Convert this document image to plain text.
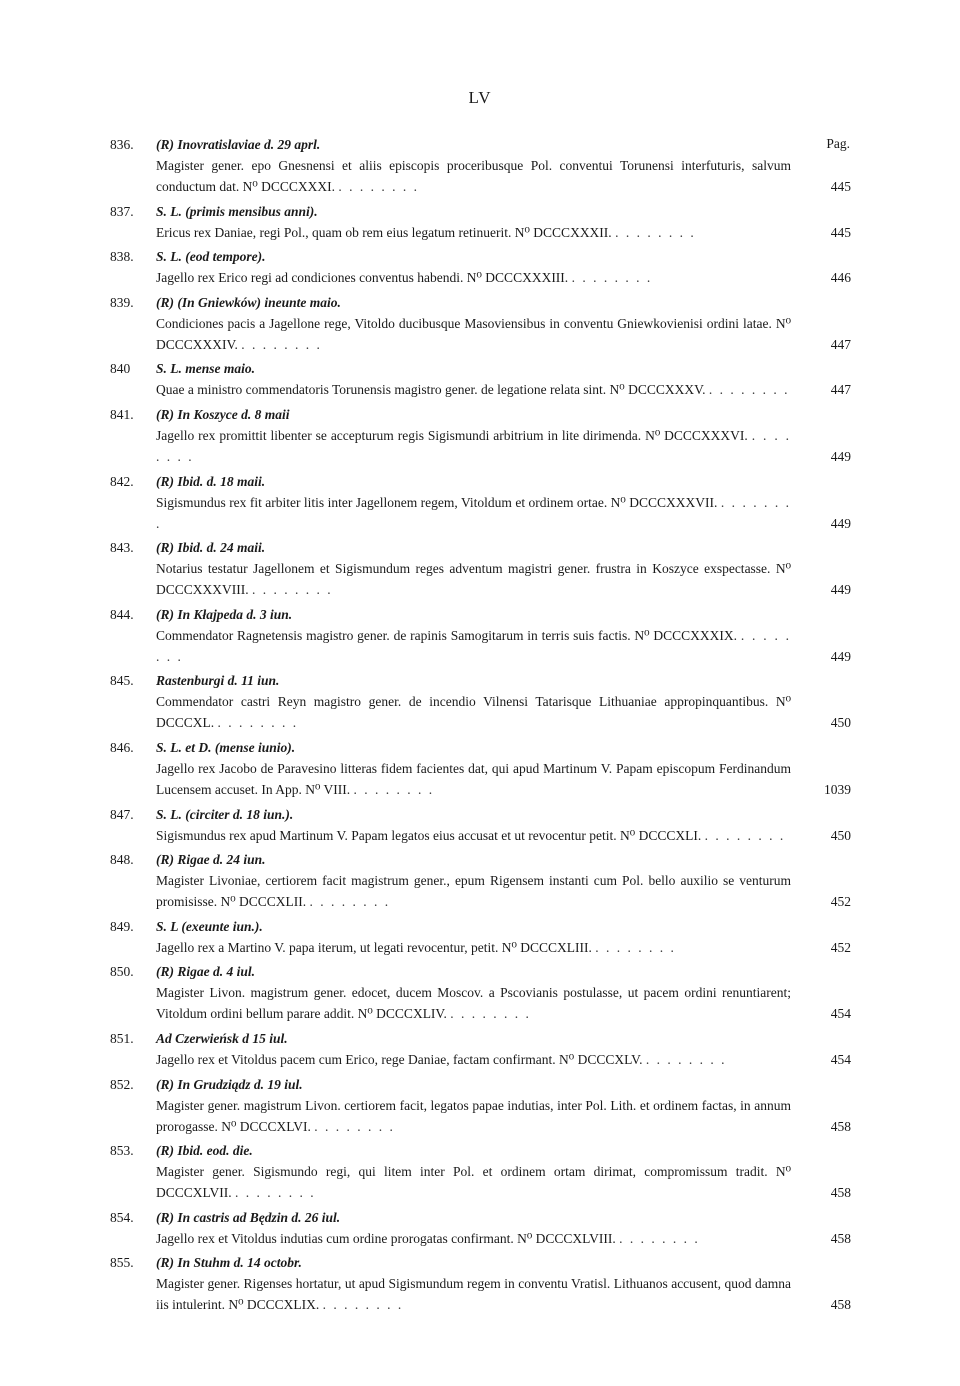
LV
Pag.
836.	(R) Inovratislaviae d. 29 aprl.
Magister gener. epo Gnesnensi et aliis episcopis proceribusque Pol. conventui Torunensi interfuturis, salvum conductum dat. N⁰ DCCCXXXI. . . . . . . . .	445
837.	S. L. (primis mensibus anni).
Ericus rex Daniae, regi Pol., quam ob rem eius legatum retinuerit. N⁰ DCCCXXXII. . . . . . . . .	445
838.	S. L. (eod tempore).
Jagello rex Erico regi ad condiciones conventus habendi. N⁰ DCCCXXXIII. . . . . . . . .	446
839.	(R) (In Gniewków) ineunte maio.
Condiciones pacis a Jagellone rege, Vitoldo ducibusque Masoviensibus in conventu Gniewkovienisi ordini latae. N⁰ DCCCXXXIV. . . . . . . . .	447
840	S. L. mense maio.
Quae a ministro commendatoris Torunensis magistro gener. de legatione relata sint. N⁰ DCCCXXXV. . . . . . . . .	447
841.	(R) In Koszyce d. 8 maii
Jagello rex promittit libenter se accepturum regis Sigismundi arbitrium in lite dirimenda. N⁰ DCCCXXXVI. . . . . . . . .	449
842.	(R) Ibid. d. 18 maii.
Sigismundus rex fit arbiter litis inter Jagellonem regem, Vitoldum et ordinem ortae. N⁰ DCCCXXXVII. . . . . . . . .	449
843.	(R) Ibid. d. 24 maii.
Notarius testatur Jagellonem et Sigismundum reges adventum magistri gener. frustra in Koszyce exspectasse. N⁰ DCCCXXXVIII. . . . . . . . .	449
844.	(R) In Kłajpeda d. 3 iun.
Commendator Ragnetensis magistro gener. de rapinis Samogitarum in terris suis factis. N⁰ DCCCXXXIX. . . . . . . . .	449
845.	Rastenburgi d. 11 iun.
Commendator castri Reyn magistro gener. de incendio Vilnensi Tatarisque Lithuaniae appropinquantibus. N⁰ DCCCXL. . . . . . . . .	450
846.	S. L. et D. (mense iunio).
Jagello rex Jacobo de Paravesino litteras fidem facientes dat, qui apud Martinum V. Papam episcopum Ferdinandum Lucensem accuset. In App. N⁰ VIII. . . . . . . . .	1039
847.	S. L. (circiter d. 18 iun.).
Sigismundus rex apud Martinum V. Papam legatos eius accusat et ut revocentur petit. N⁰ DCCCXLI. . . . . . . . .	450
848.	(R) Rigae d. 24 iun.
Magister Livoniae, certiorem facit magistrum gener., epum Rigensem instanti cum Pol. bello auxilio se venturum promisisse. N⁰ DCCCXLII. . . . . . . . .	452
849.	S. L (exeunte iun.).
Jagello rex a Martino V. papa iterum, ut legati revocentur, petit. N⁰ DCCCXLIII. . . . . . . . .	452
850.	(R) Rigae d. 4 iul.
Magister Livon. magistrum gener. edocet, ducem Moscov. a Pscovianis postulasse, ut pacem ordini renuntiarent; Vitoldum ordini bellum parare addit. N⁰ DCCCXLIV. . . . . . . . .	454
851.	Ad Czerwieńsk d 15 iul.
Jagello rex et Vitoldus pacem cum Erico, rege Daniae, factam confirmant. N⁰ DCCCXLV. . . . . . . . .	454
852.	(R) In Grudziądz d. 19 iul.
Magister gener. magistrum Livon. certiorem facit, legatos papae indutias, inter Pol. Lith. et ordinem factas, in annum prorogasse. N⁰ DCCCXLVI. . . . . . . . .	458
853.	(R) Ibid. eod. die.
Magister gener. Sigismundo regi, qui litem inter Pol. et ordinem ortam dirimat, compromissum tradit. N⁰ DCCCXLVII. . . . . . . . .	458
854.	(R) In castris ad Będzin d. 26 iul.
Jagello rex et Vitoldus indutias cum ordine prorogatas confirmant. N⁰ DCCCXLVIII. . . . . . . . .	458
855.	(R) In Stuhm d. 14 octobr.
Magister gener. Rigenses hortatur, ut apud Sigismundum regem in conventu Vratisl. Lithuanos accusent, quod damna iis intulerint. N⁰ DCCCXLIX. . . . . . . . .	458
